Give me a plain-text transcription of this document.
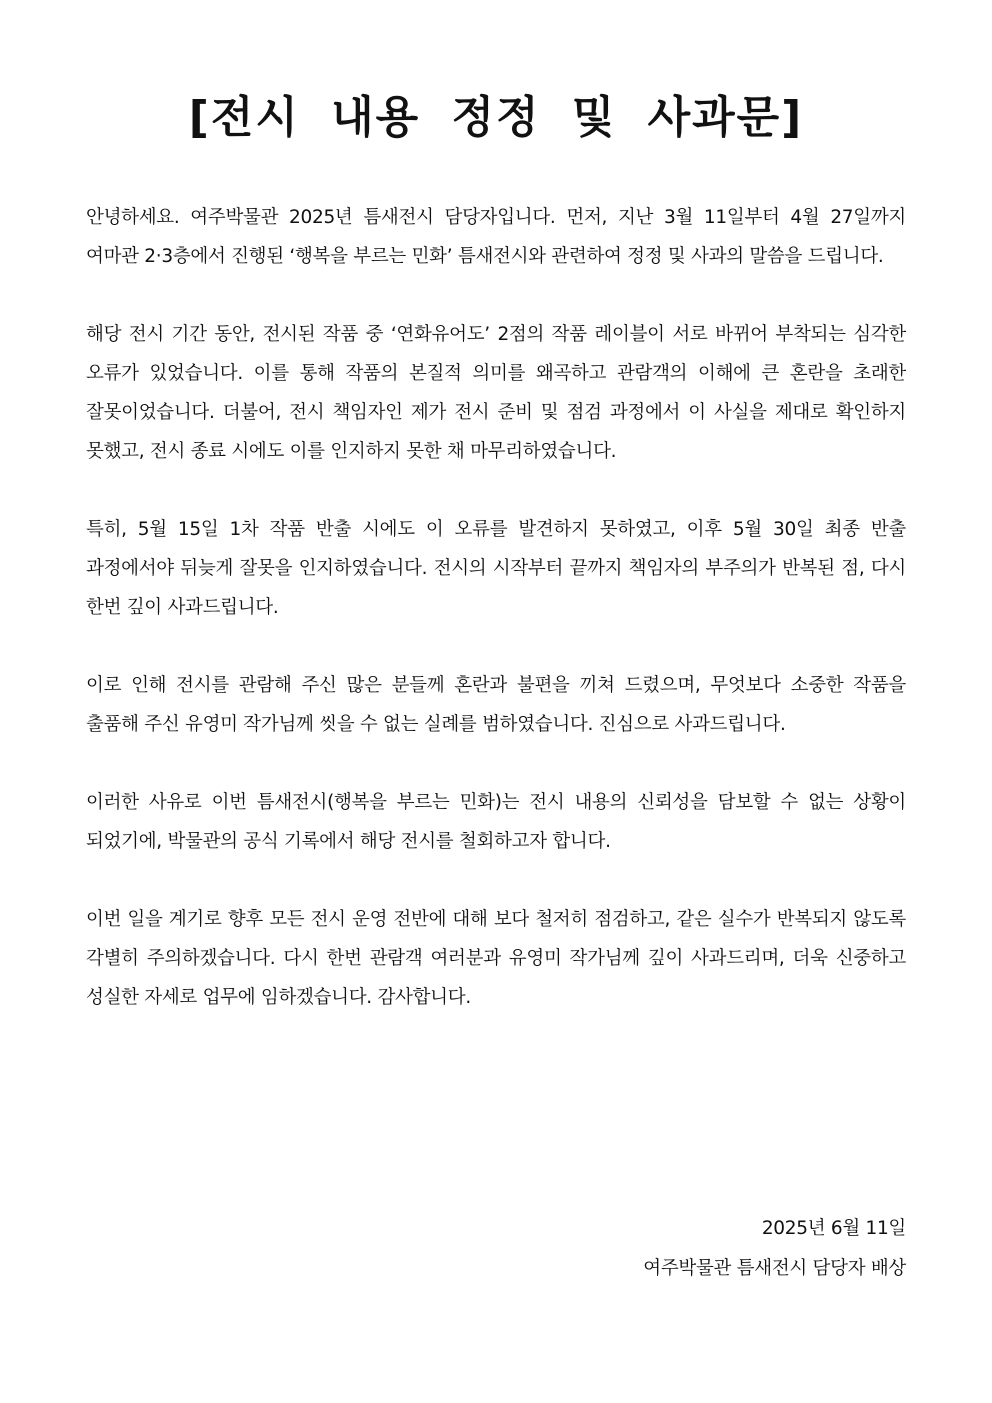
[전시 내용 정정 및 사과문]

안녕하세요. 여주박물관 2025년 틈새전시 담당자입니다. 먼저, 지난 3월 11일부터 4월 27일까지 여마관 2·3층에서 진행된 ‘행복을 부르는 민화’ 틈새전시와 관련하여 정정 및 사과의 말씀을 드립니다.

해당 전시 기간 동안, 전시된 작품 중 ‘연화유어도’ 2점의 작품 레이블이 서로 바뀌어 부착되는 심각한 오류가 있었습니다. 이를 통해 작품의 본질적 의미를 왜곡하고 관람객의 이해에 큰 혼란을 초래한 잘못이었습니다. 더불어, 전시 책임자인 제가 전시 준비 및 점검 과정에서 이 사실을 제대로 확인하지 못했고, 전시 종료 시에도 이를 인지하지 못한 채 마무리하였습니다.

특히, 5월 15일 1차 작품 반출 시에도 이 오류를 발견하지 못하였고, 이후 5월 30일 최종 반출 과정에서야 뒤늦게 잘못을 인지하였습니다. 전시의 시작부터 끝까지 책임자의 부주의가 반복된 점, 다시 한번 깊이 사과드립니다.

이로 인해 전시를 관람해 주신 많은 분들께 혼란과 불편을 끼쳐 드렸으며, 무엇보다 소중한 작품을 출품해 주신 유영미 작가님께 씻을 수 없는 실례를 범하였습니다. 진심으로 사과드립니다.

이러한 사유로 이번 틈새전시(행복을 부르는 민화)는 전시 내용의 신뢰성을 담보할 수 없는 상황이 되었기에, 박물관의 공식 기록에서 해당 전시를 철회하고자 합니다.

이번 일을 계기로 향후 모든 전시 운영 전반에 대해 보다 철저히 점검하고, 같은 실수가 반복되지 않도록 각별히 주의하겠습니다. 다시 한번 관람객 여러분과 유영미 작가님께 깊이 사과드리며, 더욱 신중하고 성실한 자세로 업무에 임하겠습니다. 감사합니다.

2025년 6월 11일
여주박물관 틈새전시 담당자 배상
